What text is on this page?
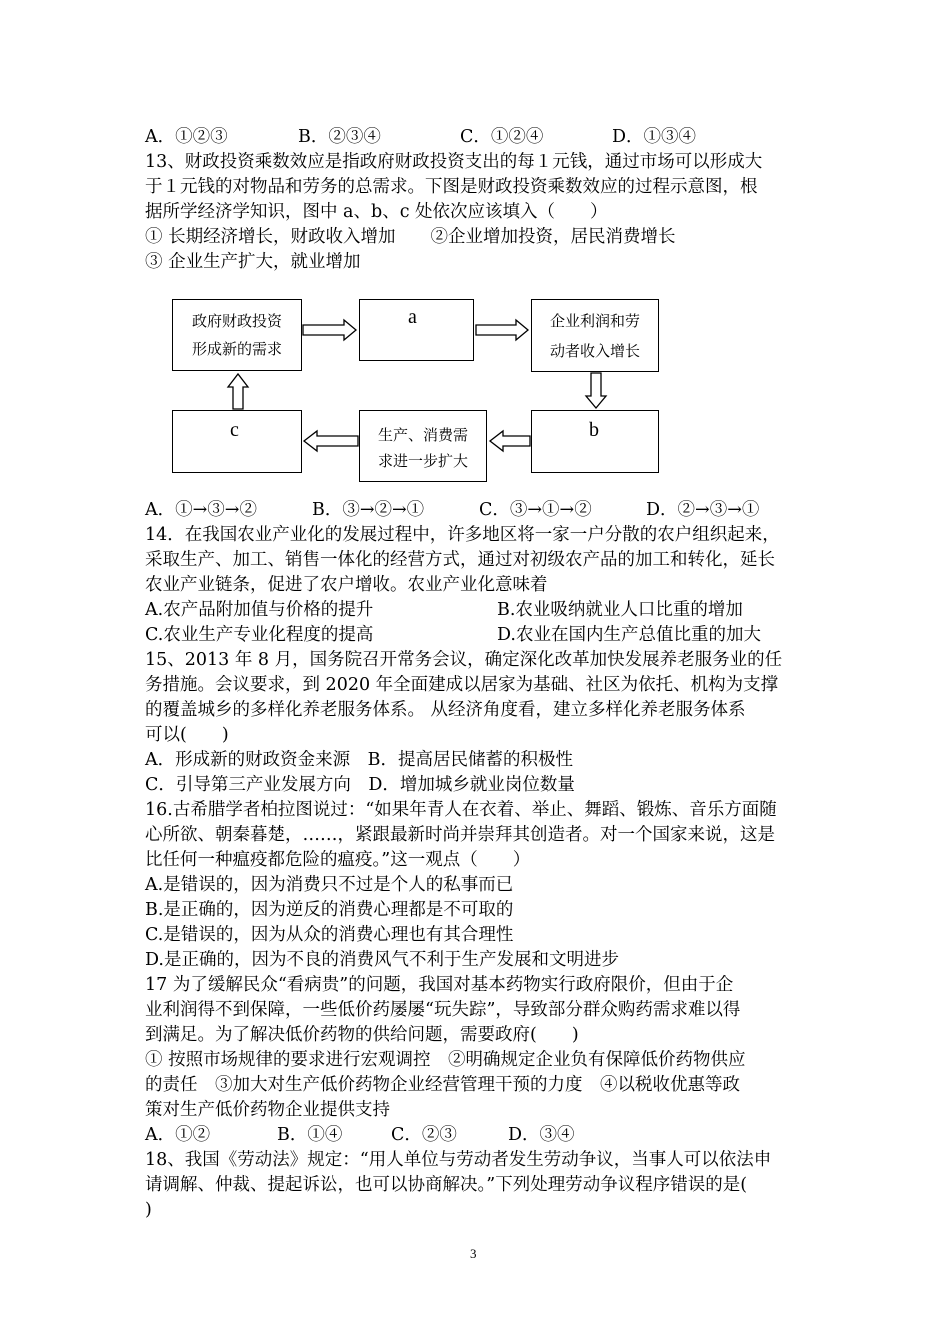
A．①②③	B．②③④	C．①②④	D．①③④
13、财政投资乘数效应是指政府财政投资支出的每１元钱，通过市场可以形成大
于１元钱的对物品和劳务的总需求。下图是财政投资乘数效应的过程示意图，根
据所学经济学知识，图中 a、b、c 处依次应该填入（　　）
① 长期经济增长，财政收入增加　　②企业增加投资，居民消费增长
③ 企业生产扩大，就业增加
政府财政投资
形成新的需求
a	企业利润和劳
动者收入增长
b
生产、消费需
求进一步扩大
c
A．①→③→②	B．③→②→①	C．③→①→②	D．②→③→①
14．在我国农业产业化的发展过程中，许多地区将一家一户分散的农户组织起来，
采取生产、加工、销售一体化的经营方式，通过对初级农产品的加工和转化，延长
农业产业链条，促进了农户增收。农业产业化意味着
A.农产品附加值与价格的提升	B.农业吸纳就业人口比重的增加
C.农业生产专业化程度的提高	D.农业在国内生产总值比重的加大
15、2013 年 8 月，国务院召开常务会议，确定深化改革加快发展养老服务业的任
务措施。会议要求，到 2020 年全面建成以居家为基础、社区为依托、机构为支撑
的覆盖城乡的多样化养老服务体系。 从经济角度看，建立多样化养老服务体系
可以(　　)
A．形成新的财政资金来源　B．提高居民储蓄的积极性
C．引导第三产业发展方向　D．增加城乡就业岗位数量
16.古希腊学者柏拉图说过：“如果年青人在衣着、举止、舞蹈、锻炼、音乐方面随
心所欲、朝秦暮楚，……，紧跟最新时尚并崇拜其创造者。对一个国家来说，这是
比任何一种瘟疫都危险的瘟疫。”这一观点（　　）
A.是错误的，因为消费只不过是个人的私事而已
B.是正确的，因为逆反的消费心理都是不可取的
C.是错误的，因为从众的消费心理也有其合理性
D.是正确的，因为不良的消费风气不利于生产发展和文明进步
17 为了缓解民众“看病贵”的问题，我国对基本药物实行政府限价，但由于企
业利润得不到保障，一些低价药屡屡“玩失踪”，导致部分群众购药需求难以得
到满足。为了解决低价药物的供给问题，需要政府(　　)
① 按照市场规律的要求进行宏观调控　②明确规定企业负有保障低价药物供应
的责任　③加大对生产低价药物企业经营管理干预的力度　④以税收优惠等政
策对生产低价药物企业提供支持
A．①②	B．①④	C．②③	D．③④
18、我国《劳动法》规定：“用人单位与劳动者发生劳动争议，当事人可以依法申
请调解、仲裁、提起诉讼，也可以协商解决。”下列处理劳动争议程序错误的是(
)
3
